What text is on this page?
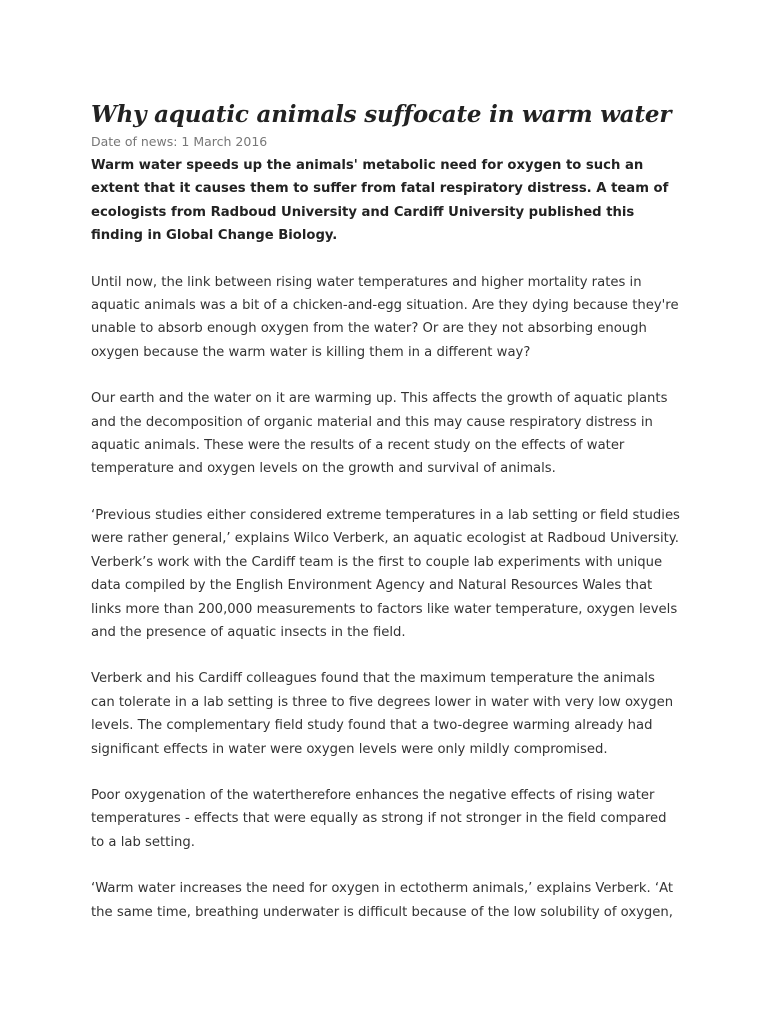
Why aquatic animals suffocate in warm water
Date of news: 1 March 2016

Warm water speeds up the animals' metabolic need for oxygen to such an extent that it causes them to suffer from fatal respiratory distress. A team of ecologists from Radboud University and Cardiff University published this finding in Global Change Biology.

Until now, the link between rising water temperatures and higher mortality rates in aquatic animals was a bit of a chicken-and-egg situation. Are they dying because they're unable to absorb enough oxygen from the water? Or are they not absorbing enough oxygen because the warm water is killing them in a different way?

Our earth and the water on it are warming up. This affects the growth of aquatic plants and the decomposition of organic material and this may cause respiratory distress in aquatic animals. These were the results of a recent study on the effects of water temperature and oxygen levels on the growth and survival of animals.

‘Previous studies either considered extreme temperatures in a lab setting or field studies were rather general,’ explains Wilco Verberk, an aquatic ecologist at Radboud University. Verberk’s work with the Cardiff team is the first to couple lab experiments with unique data compiled by the English Environment Agency and Natural Resources Wales that links more than 200,000 measurements to factors like water temperature, oxygen levels and the presence of aquatic insects in the field.

Verberk and his Cardiff colleagues found that the maximum temperature the animals can tolerate in a lab setting is three to five degrees lower in water with very low oxygen levels. The complementary field study found that a two-degree warming already had significant effects in water were oxygen levels were only mildly compromised.

Poor oxygenation of the watertherefore enhances the negative effects of rising water temperatures - effects that were equally as strong if not stronger in the field compared to a lab setting.

‘Warm water increases the need for oxygen in ectotherm animals,’ explains Verberk. ‘At the same time, breathing underwater is difficult because of the low solubility of oxygen,
